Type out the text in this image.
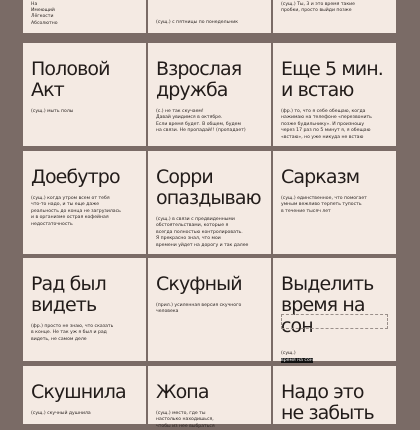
На
Имеющий
Лёгкости
Абсолютно	(сущ.) с пятницы по понедельник
(сущ.) Ты, 3 и это время такие
пробки, просто выйди позже
Половой Акт
(сущ.) мыть полы
Взрослая
дружба
(с.) не так скучаем!
Давай увидимся в октябре.
Если время будет. В общем, будем
на связи. Не пропадай!! (пропадает)
Еще 5 мин.
и встаю
(фр.) то, что я себе обещаю, когда
нажимаю на телефоне «перезвонить
позже будильнику». И произношу
через 17 раз по 5 минут я, я обещаю
«встаю», но уже никуда не встаю
Доебутро
(сущ.) когда утром всем от тебя
что-то надо, и ты еще даже
реальность до конца не загрузилась
и в организме острая кофейная
недостаточность
Сорри
опаздываю
(сущ.) в связи с предвиденными
обстоятельствами, которые я
всегда полностью контролировать.
Я прекрасно знал, что мои
времени уйдет на дорогу и так далее
Сарказм
(сущ.) единственное, что помогает
умным вежливо терпеть тупость
в течение тысяч лет
Рад был
видеть
(фр.) просто не знаю, что сказать
в конце. Не так уж я был и рад
видеть, не самом деле
Скуфный
(прил.) усиленная версия скучного
человека
Выделить
время на сон

(сущ.)
время на сон

Скушнила
(сущ.) скучный душнила
Жопа
(сущ.) место, где ты
настолько находишься,
чтобы из нее выбраться
Надо это
не забыть
